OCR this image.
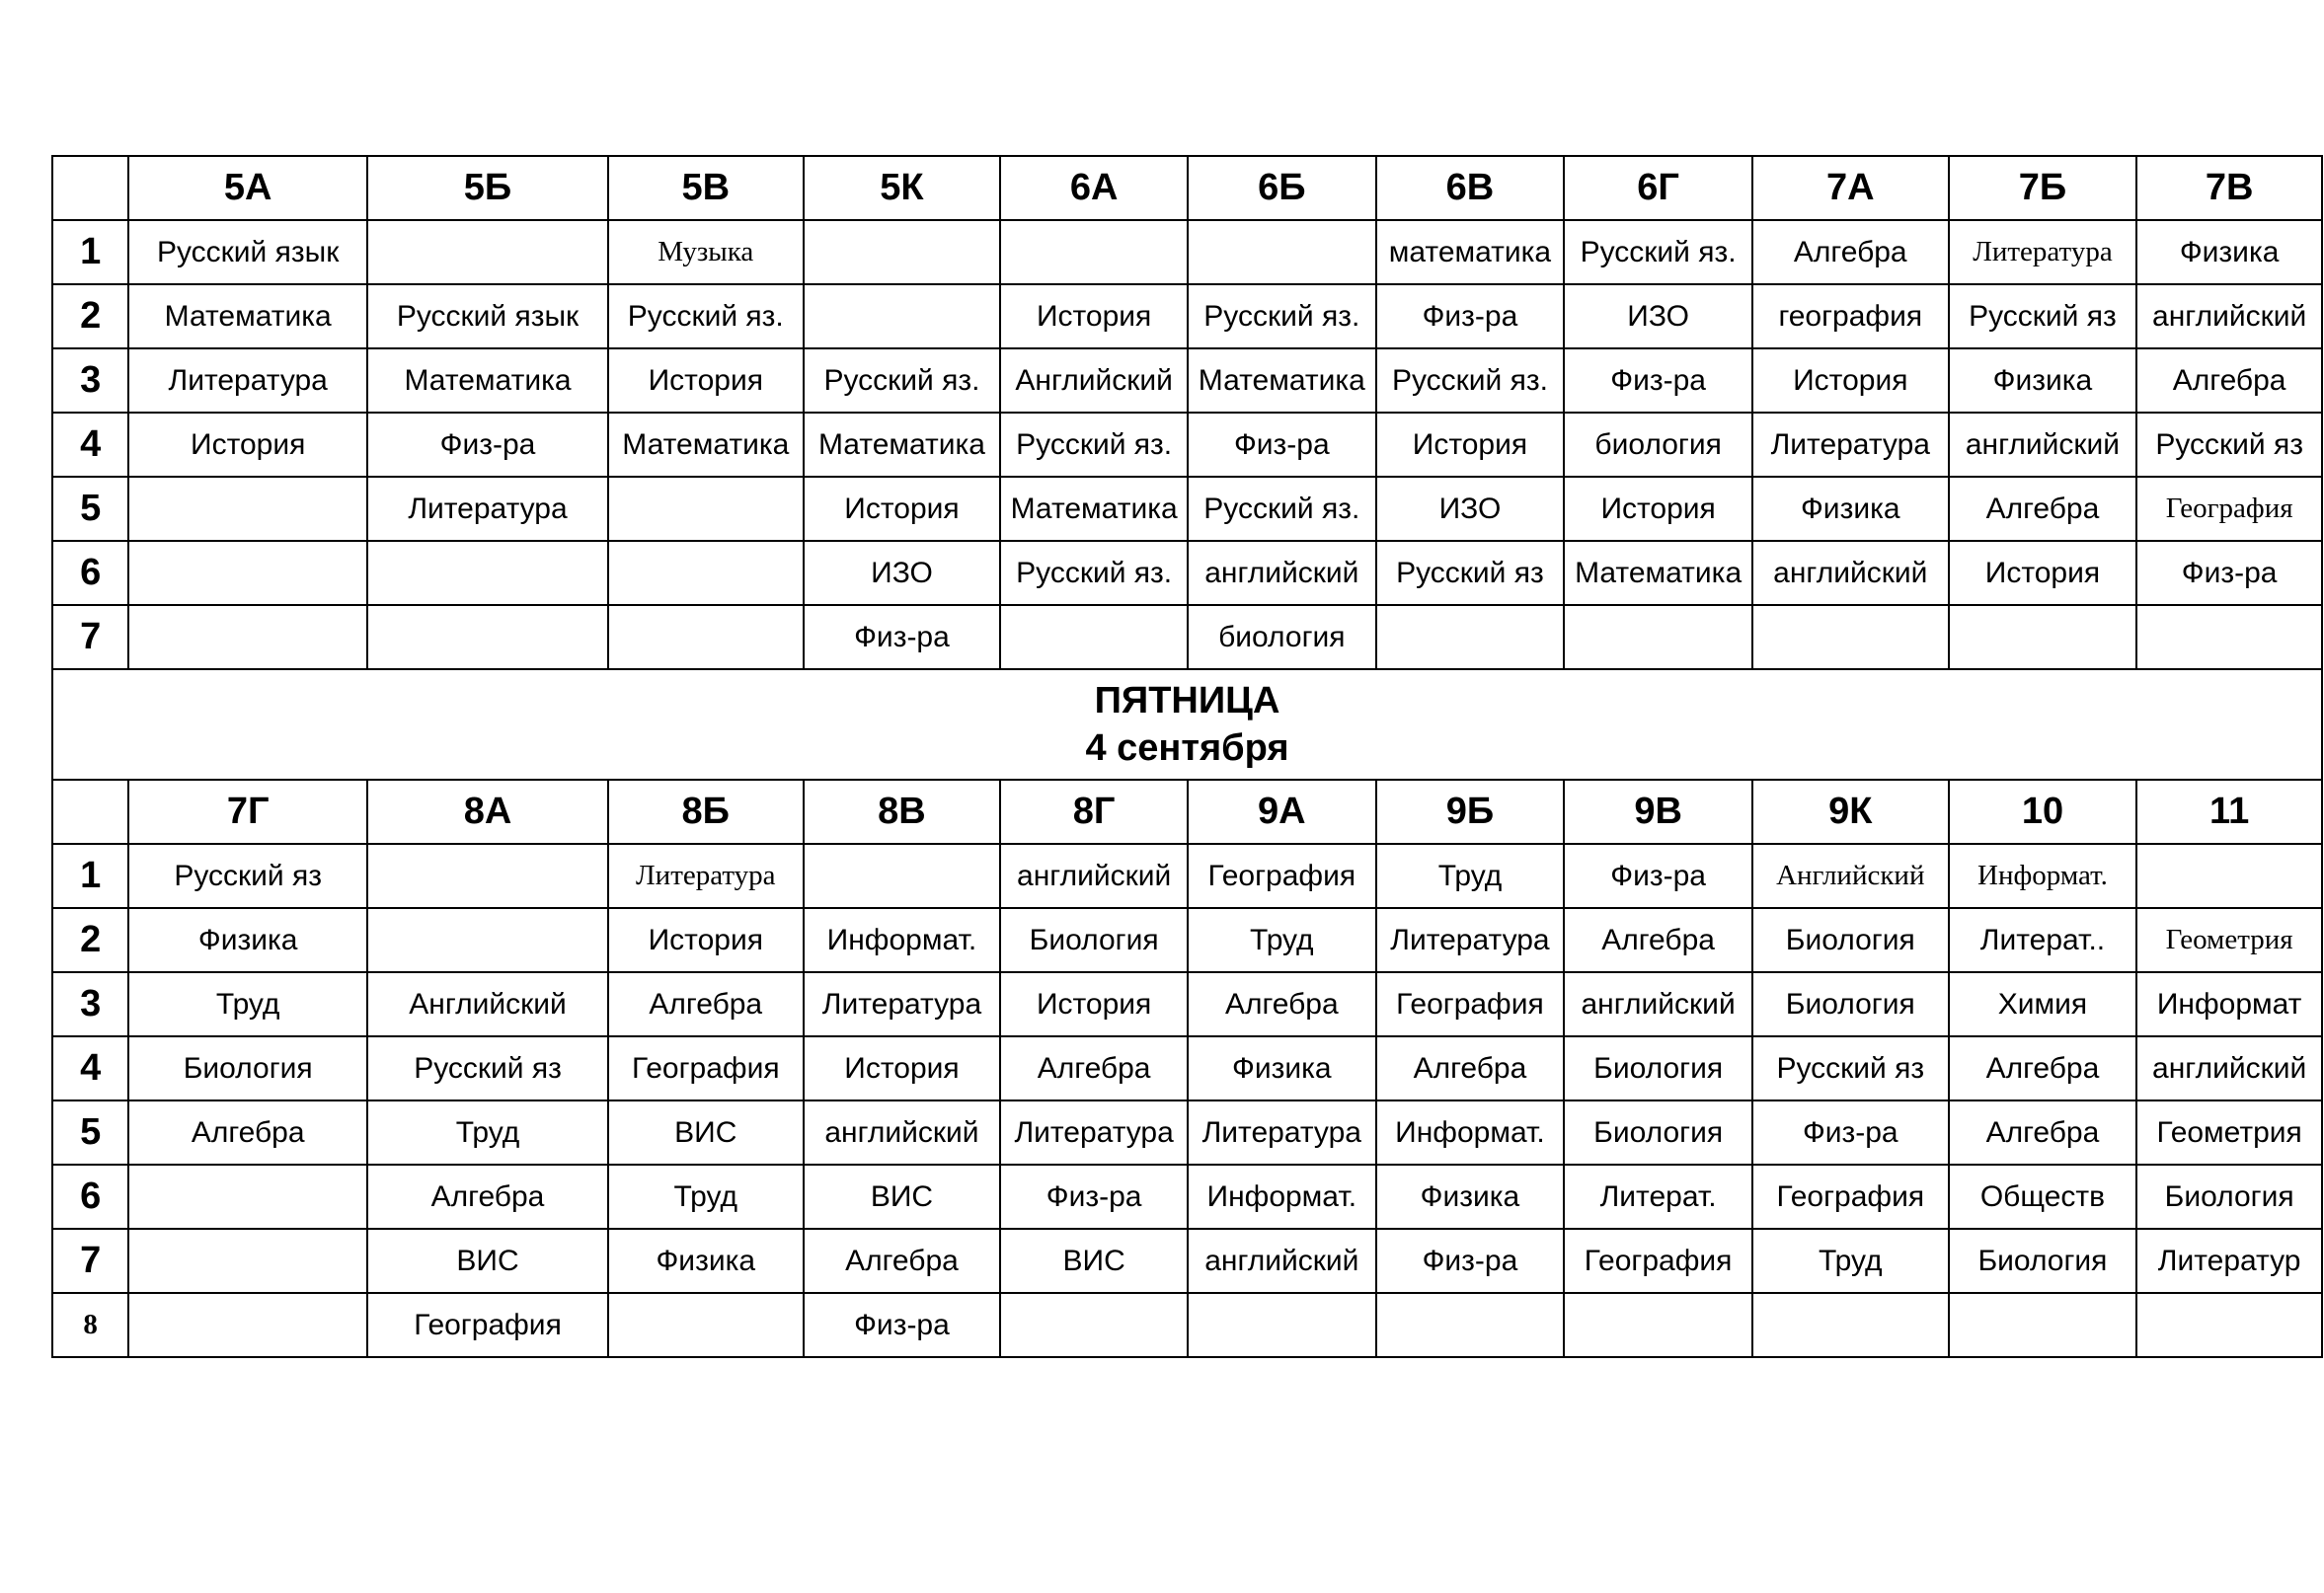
	5А	5Б	5В	5К	6А	6Б	6В	6Г	7А	7Б	7В
1	Русский язык		Музыка				математика	Русский яз.	Алгебра	Литература	Физика
2	Математика	Русский язык	Русский яз.		История	Русский яз.	Физ-ра	ИЗО	география	Русский яз	английский
3	Литература	Математика	История	Русский яз.	Английский	Математика	Русский яз.	Физ-ра	История	Физика	Алгебра
4	История	Физ-ра	Математика	Математика	Русский яз.	Физ-ра	История	биология	Литература	английский	Русский яз
5		Литература		История	Математика	Русский яз.	ИЗО	История	Физика	Алгебра	География
6				ИЗО	Русский яз.	английский	Русский яз	Математика	английский	История	Физ-ра
7				Физ-ра		биология					

ПЯТНИЦА
4 сентября											

	7Г	8А	8Б	8В	8Г	9А	9Б	9В	9К	10	11
1	Русский яз		Литература		английский	География	Труд	Физ-ра	Английский	Информат.	
2	Физика		История	Информат.	Биология	Труд	Литература	Алгебра	Биология	Литерат..	Геометрия
3	Труд	Английский	Алгебра	Литература	История	Алгебра	География	английский	Биология	Химия	Информат
4	Биология	Русский яз	География	История	Алгебра	Физика	Алгебра	Биология	Русский яз	Алгебра	английский
5	Алгебра	Труд	ВИС	английский	Литература	Литература	Информат.	Биология	Физ-ра	Алгебра	Геометрия
6		Алгебра	Труд	ВИС	Физ-ра	Информат.	Физика	Литерат.	География	Обществ	Биология
7		ВИС	Физика	Алгебра	ВИС	английский	Физ-ра	География	Труд	Биология	Литератур
8		География		Физ-ра							
